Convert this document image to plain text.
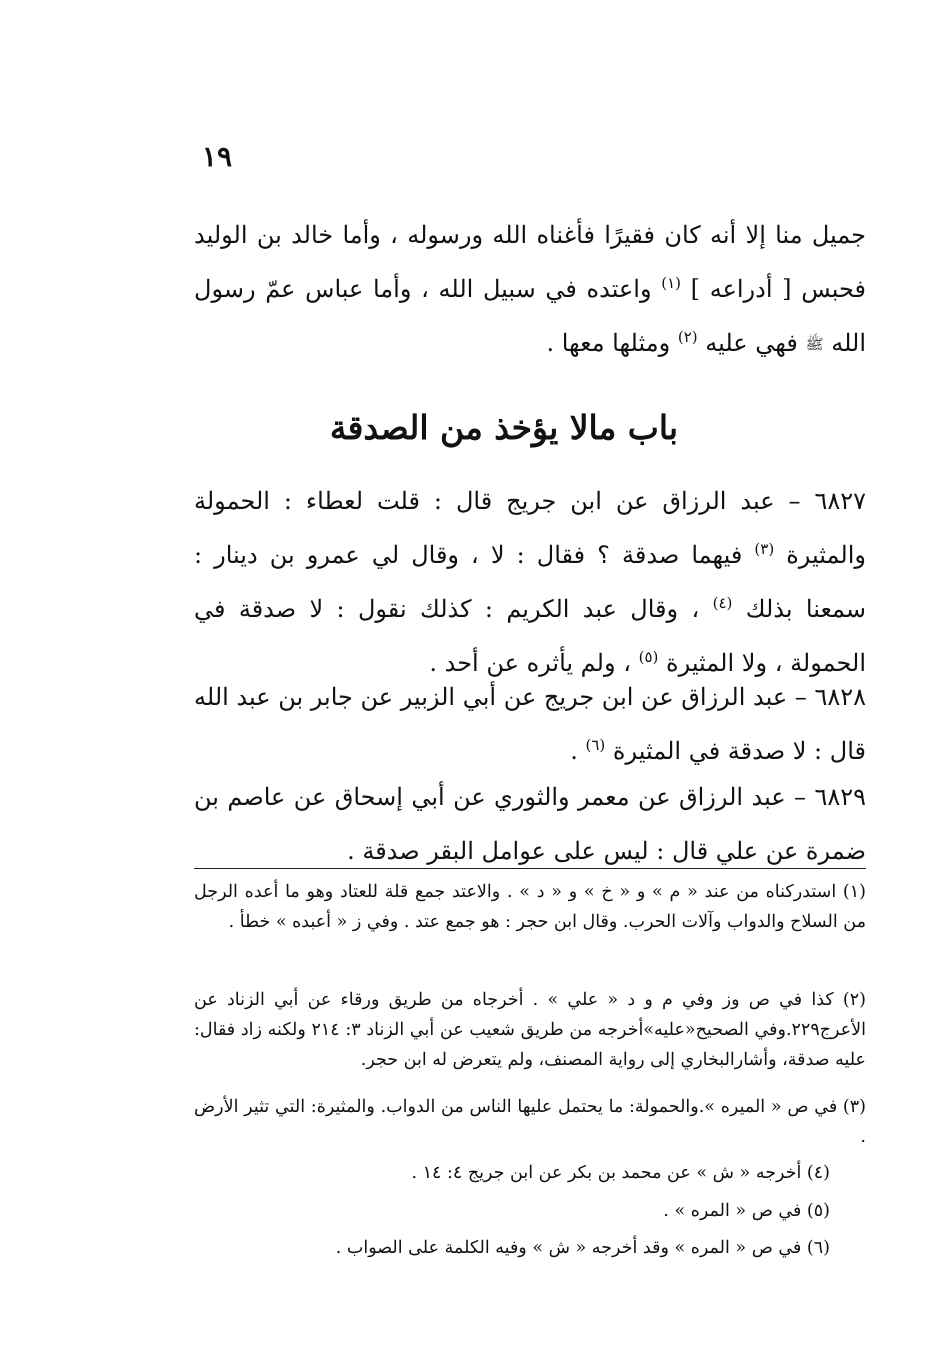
١٩

جميل منا إلا أنه كان فقيرًا فأغناه الله ورسوله ، وأما خالد بن الوليد فحبس [ أدراعه ] $^{(١)}$ واعتده في سبيل الله ، وأما عباس عمّ رسول الله ﷺ فهي عليه $^{(٢)}$ ومثلها معها .

باب مالا يؤخذ من الصدقة

٦٨٢٧ – عبد الرزاق عن ابن جريج قال : قلت لعطاء : الحمولة والمثيرة $^{(٣)}$ فيهما صدقة ؟ فقال : لا ، وقال لي عمرو بن دينار : سمعنا بذلك $^{(٤)}$ ، وقال عبد الكريم : كذلك نقول : لا صدقة في الحمولة ، ولا المثيرة $^{(٥)}$ ، ولم يأثره عن أحد .

٦٨٢٨ – عبد الرزاق عن ابن جريج عن أبي الزبير عن جابر بن عبد الله قال : لا صدقة في المثيرة $^{(٦)}$ .

٦٨٢٩ – عبد الرزاق عن معمر والثوري عن أبي إسحاق عن عاصم بن ضمرة عن علي قال : ليس على عوامل البقر صدقة .

(١) استدركناه من عند « م » و « خ » و « د » . والاعتد جمع قلة للعتاد وهو ما أعده الرجل من السلاح والدواب وآلات الحرب. وقال ابن حجر : هو جمع عتد . وفي ز « أعبده » خطأ .

(٢) كذا في ص وز وفي م و د « علي » . أخرجاه من طريق ورقاء عن أبي الزناد عن الأعرج٢٢٩.وفي الصحيح«عليه»أخرجه من طريق شعيب عن أبي الزناد ٣: ٢١٤ ولكنه زاد فقال: عليه صدقة، وأشارالبخاري إلى رواية المصنف، ولم يتعرض له ابن حجر.

(٣) في ص « الميره ».والحمولة: ما يحتمل عليها الناس من الدواب. والمثيرة: التي تثير الأرض .

(٤) أخرجه « ش » عن محمد بن بكر عن ابن جريج ٤: ١٤ .

(٥) في ص « المره » .

(٦) في ص « المره » وقد أخرجه « ش » وفيه الكلمة على الصواب .
